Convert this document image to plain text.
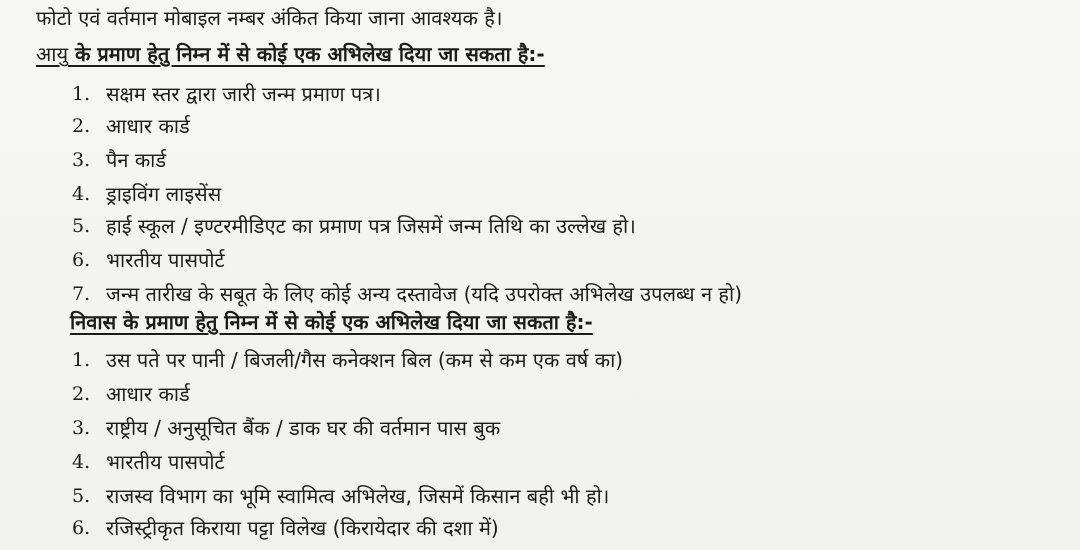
फोटो एवं वर्तमान मोबाइल नम्बर अंकित किया जाना आवश्यक है।
आयु के प्रमाण हेतु निम्न में से कोई एक अभिलेख दिया जा सकता है:-
1. सक्षम स्तर द्वारा जारी जन्म प्रमाण पत्र।
2. आधार कार्ड
3. पैन कार्ड
4. ड्राइविंग लाइसेंस
5. हाई स्कूल / इण्टरमीडिएट का प्रमाण पत्र जिसमें जन्म तिथि का उल्लेख हो।
6. भारतीय पासपोर्ट
7. जन्म तारीख के सबूत के लिए कोई अन्य दस्तावेज (यदि उपरोक्त अभिलेख उपलब्ध न हो)
निवास के प्रमाण हेतु निम्न में से कोई एक अभिलेख दिया जा सकता है:-
1. उस पते पर पानी / बिजली/गैस कनेक्शन बिल (कम से कम एक वर्ष का)
2. आधार कार्ड
3. राष्ट्रीय / अनुसूचित बैंक / डाक घर की वर्तमान पास बुक
4. भारतीय पासपोर्ट
5. राजस्व विभाग का भूमि स्वामित्व अभिलेख, जिसमें किसान बही भी हो।
6. रजिस्ट्रीकृत किराया पट्टा विलेख (किरायेदार की दशा में)
